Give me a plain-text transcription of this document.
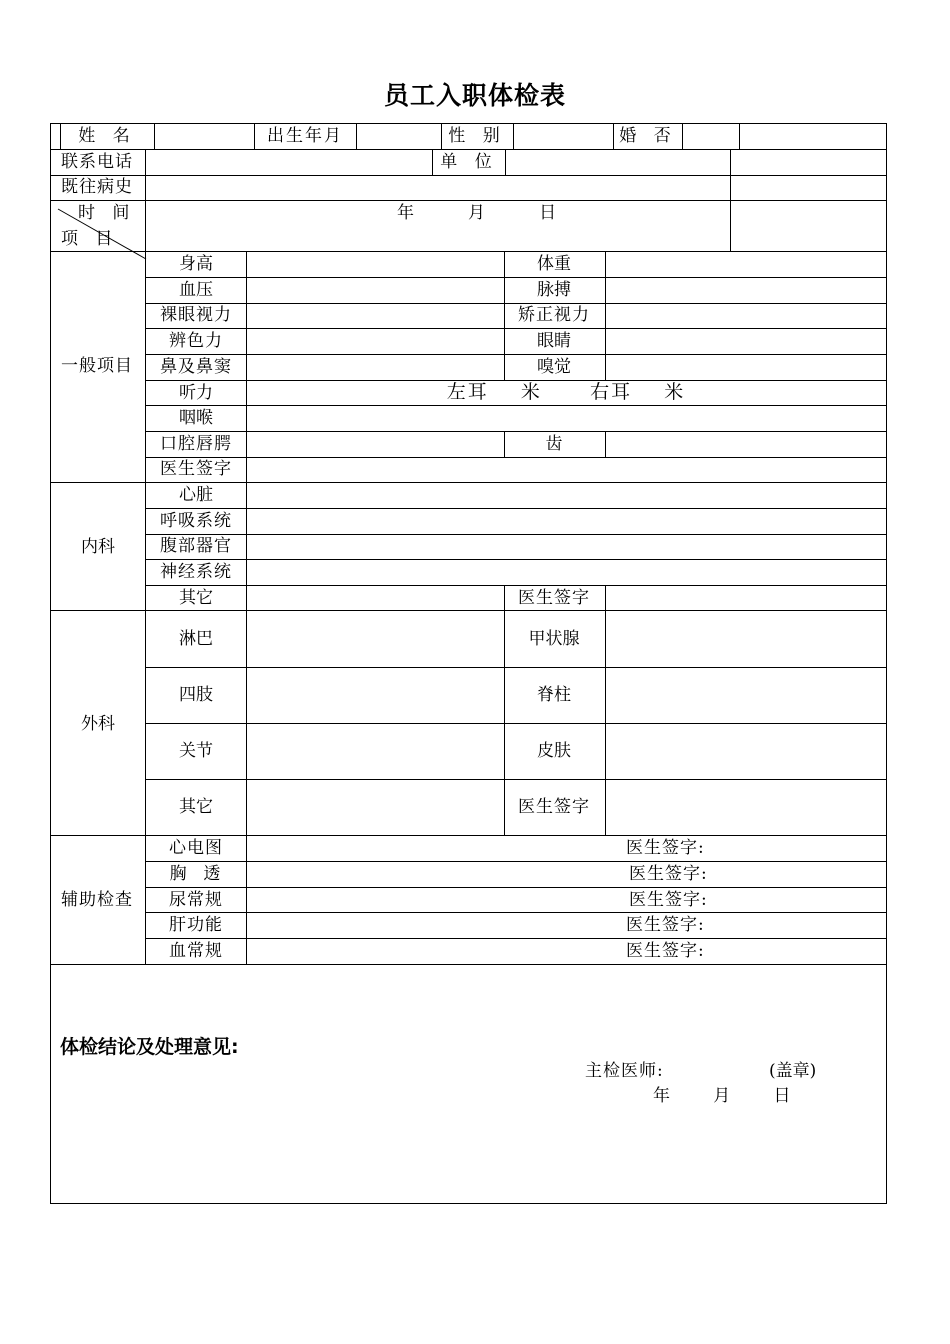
员工入职体检表
姓 名	出生年月	性 别	婚 否
联系电话	单 位
既往病史
时 间
项 目
年          月          日
一般项目
身高	体重
血压	脉搏
裸眼视力	矫正视力
辨色力	眼睛
鼻及鼻窦	嗅觉
听力	左耳    米      右耳    米
咽喉
口腔唇腭	齿
医生签字
内科
心脏
呼吸系统
腹部器官
神经系统
其它	医生签字
外科
淋巴	甲状腺
四肢	脊柱
关节	皮肤
其它	医生签字
辅助检查
心电图	医生签字:
胸  透	医生签字:
尿常规	医生签字:
肝功能	医生签字:
血常规	医生签字:
体检结论及处理意见:
主检医师:	(盖章)
年        月        日
